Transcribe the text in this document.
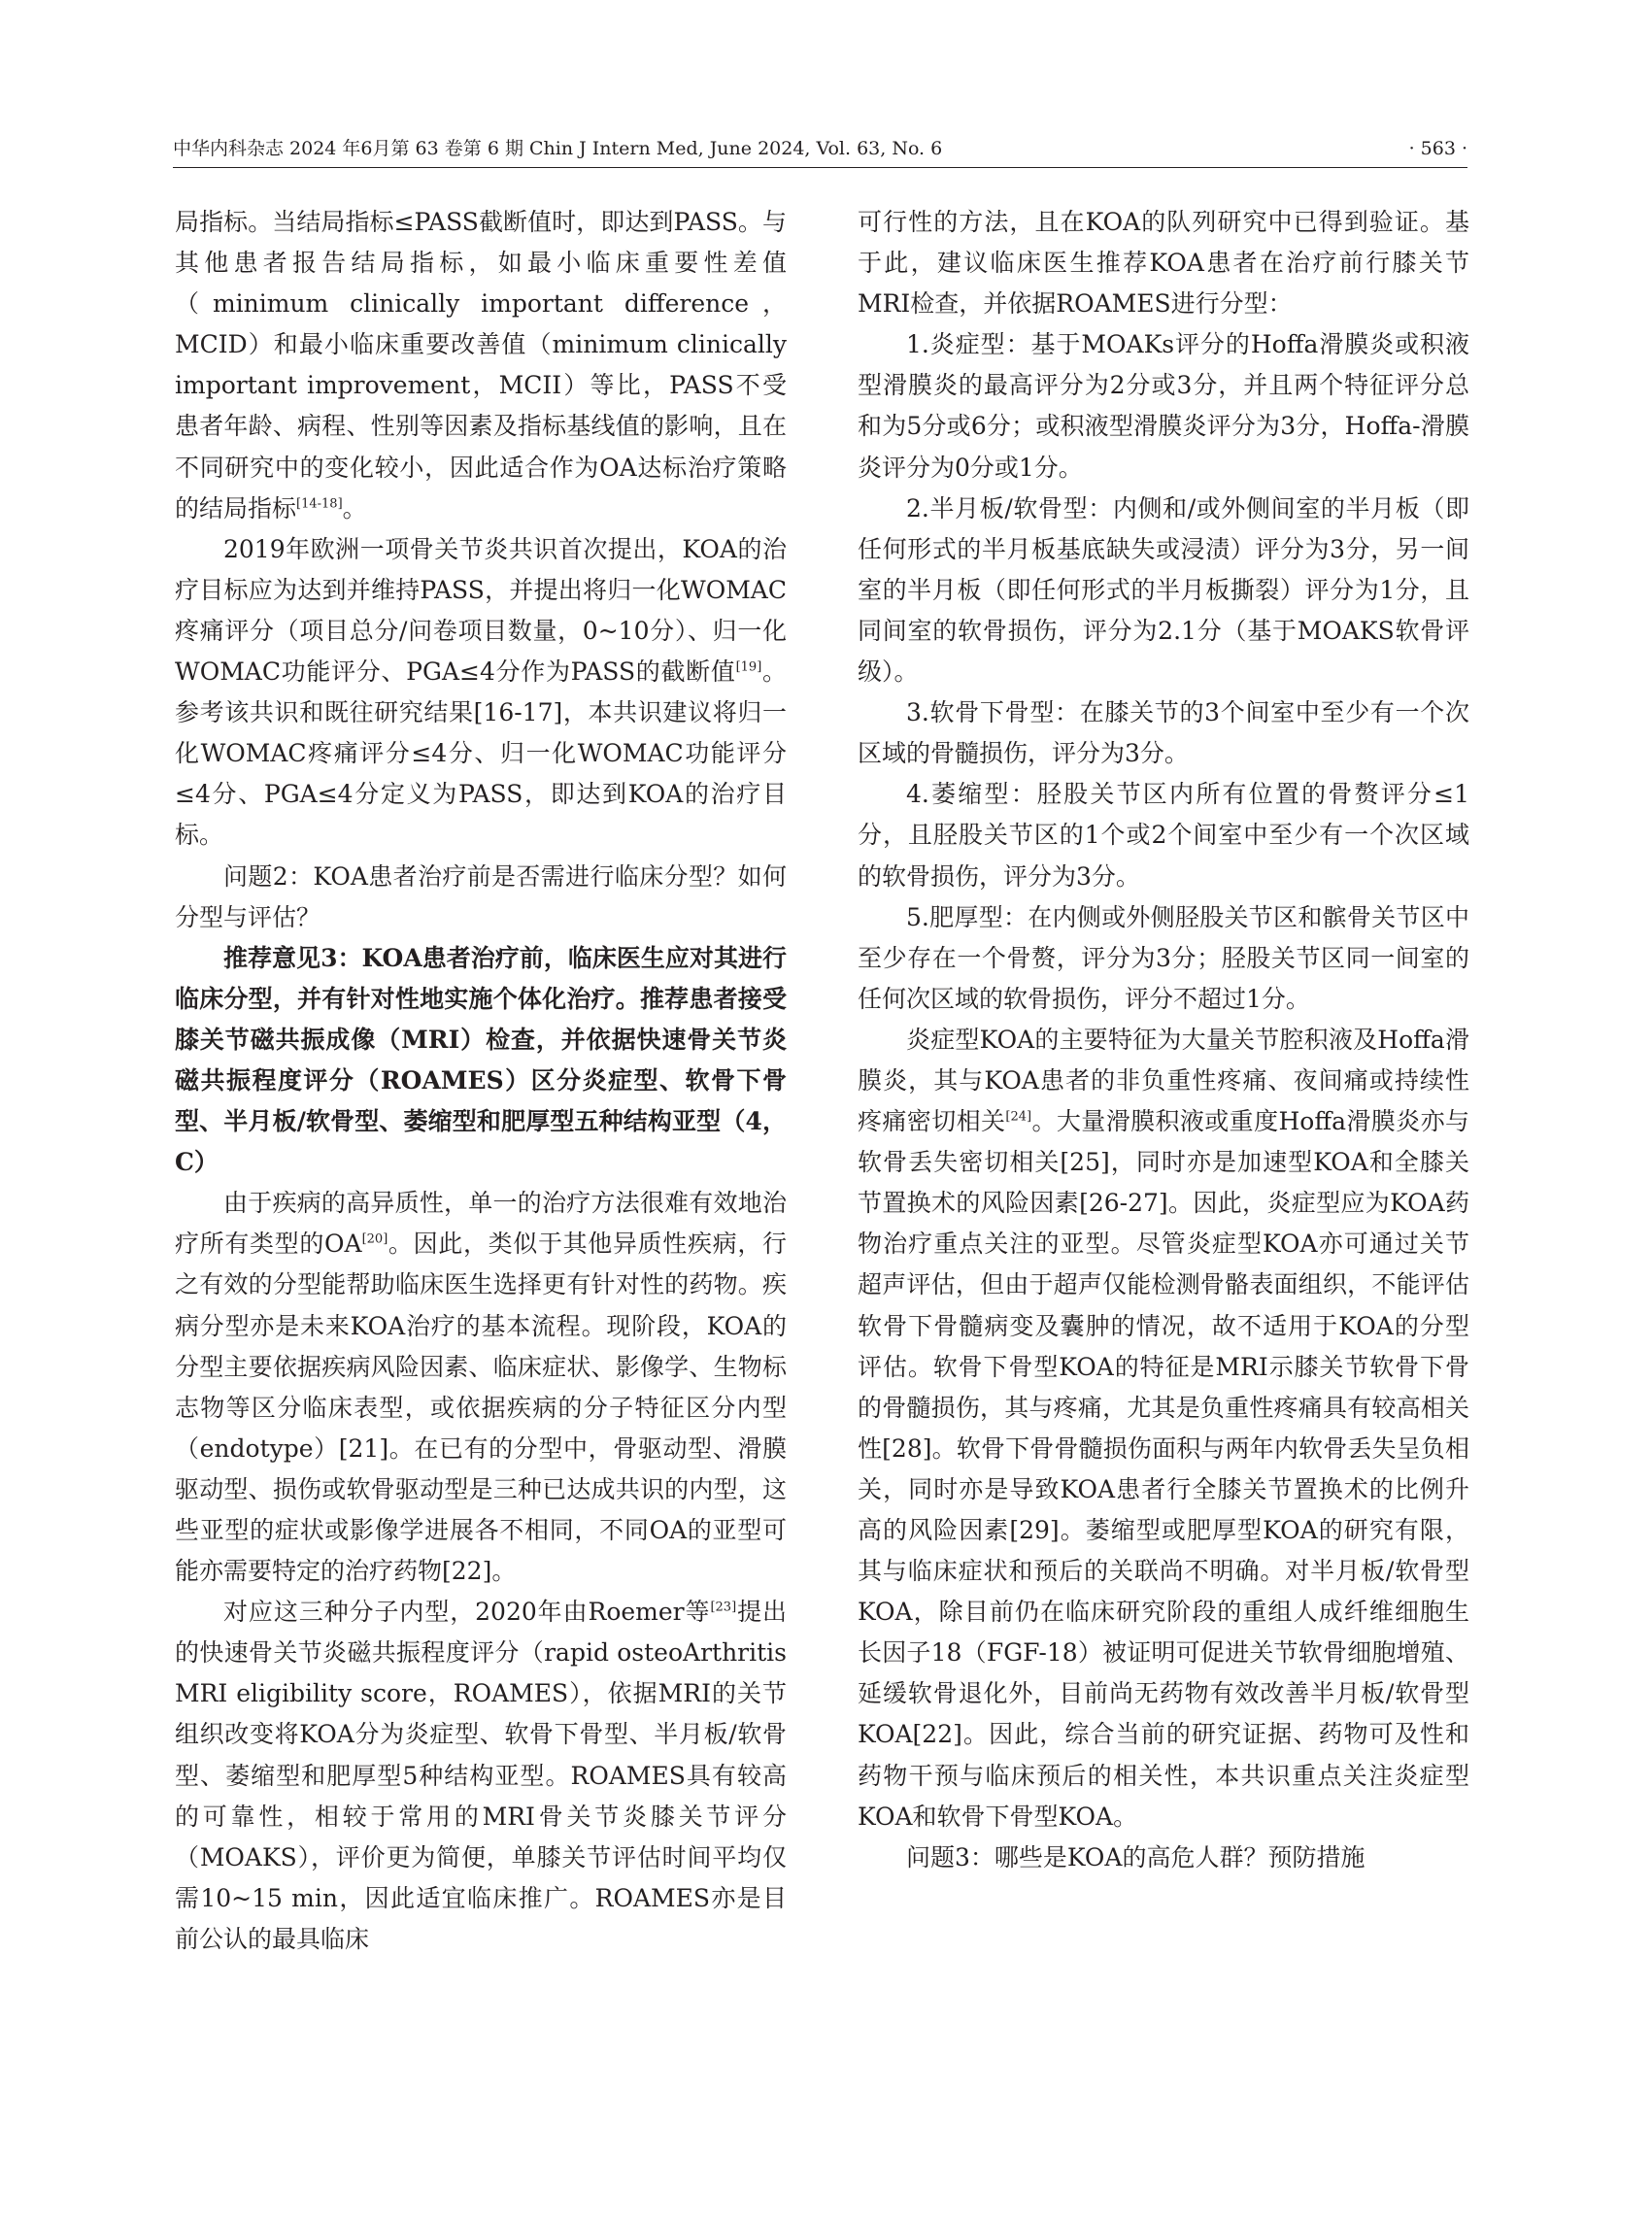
中华内科杂志 2024 年6月第 63 卷第 6 期 Chin J Intern Med, June 2024, Vol. 63, No. 6	· 563 ·

局指标。当结局指标≤PASS截断值时，即达到PASS。与其他患者报告结局指标，如最小临床重要性差值（minimum clinically important difference，MCID）和最小临床重要改善值（minimum clinically important improvement，MCII）等比，PASS不受患者年龄、病程、性别等因素及指标基线值的影响，且在不同研究中的变化较小，因此适合作为OA达标治疗策略的结局指标[14-18]。

2019年欧洲一项骨关节炎共识首次提出，KOA的治疗目标应为达到并维持PASS，并提出将归一化WOMAC疼痛评分（项目总分/问卷项目数量，0~10分）、归一化WOMAC功能评分、PGA≤4分作为PASS的截断值[19]。参考该共识和既往研究结果[16-17]，本共识建议将归一化WOMAC疼痛评分≤4分、归一化WOMAC功能评分≤4分、PGA≤4分定义为PASS，即达到KOA的治疗目标。

问题2：KOA患者治疗前是否需进行临床分型？如何分型与评估？

推荐意见3：KOA患者治疗前，临床医生应对其进行临床分型，并有针对性地实施个体化治疗。推荐患者接受膝关节磁共振成像（MRI）检查，并依据快速骨关节炎磁共振程度评分（ROAMES）区分炎症型、软骨下骨型、半月板/软骨型、萎缩型和肥厚型五种结构亚型（4，C）

由于疾病的高异质性，单一的治疗方法很难有效地治疗所有类型的OA[20]。因此，类似于其他异质性疾病，行之有效的分型能帮助临床医生选择更有针对性的药物。疾病分型亦是未来KOA治疗的基本流程。现阶段，KOA的分型主要依据疾病风险因素、临床症状、影像学、生物标志物等区分临床表型，或依据疾病的分子特征区分内型（endotype）[21]。在已有的分型中，骨驱动型、滑膜驱动型、损伤或软骨驱动型是三种已达成共识的内型，这些亚型的症状或影像学进展各不相同，不同OA的亚型可能亦需要特定的治疗药物[22]。

对应这三种分子内型，2020年由Roemer等[23]提出的快速骨关节炎磁共振程度评分（rapid osteoArthritis MRI eligibility score，ROAMES），依据MRI的关节组织改变将KOA分为炎症型、软骨下骨型、半月板/软骨型、萎缩型和肥厚型5种结构亚型。ROAMES具有较高的可靠性，相较于常用的MRI骨关节炎膝关节评分（MOAKS），评价更为简便，单膝关节评估时间平均仅需10~15 min，因此适宜临床推广。ROAMES亦是目前公认的最具临床

可行性的方法，且在KOA的队列研究中已得到验证。基于此，建议临床医生推荐KOA患者在治疗前行膝关节MRI检查，并依据ROAMES进行分型：

1.炎症型：基于MOAKs评分的Hoffa滑膜炎或积液型滑膜炎的最高评分为2分或3分，并且两个特征评分总和为5分或6分；或积液型滑膜炎评分为3分，Hoffa-滑膜炎评分为0分或1分。

2.半月板/软骨型：内侧和/或外侧间室的半月板（即任何形式的半月板基底缺失或浸渍）评分为3分，另一间室的半月板（即任何形式的半月板撕裂）评分为1分，且同间室的软骨损伤，评分为2.1分（基于MOAKS软骨评级）。

3.软骨下骨型：在膝关节的3个间室中至少有一个次区域的骨髓损伤，评分为3分。

4.萎缩型：胫股关节区内所有位置的骨赘评分≤1分，且胫股关节区的1个或2个间室中至少有一个次区域的软骨损伤，评分为3分。

5.肥厚型：在内侧或外侧胫股关节区和髌骨关节区中至少存在一个骨赘，评分为3分；胫股关节区同一间室的任何次区域的软骨损伤，评分不超过1分。

炎症型KOA的主要特征为大量关节腔积液及Hoffa滑膜炎，其与KOA患者的非负重性疼痛、夜间痛或持续性疼痛密切相关[24]。大量滑膜积液或重度Hoffa滑膜炎亦与软骨丢失密切相关[25]，同时亦是加速型KOA和全膝关节置换术的风险因素[26-27]。因此，炎症型应为KOA药物治疗重点关注的亚型。尽管炎症型KOA亦可通过关节超声评估，但由于超声仅能检测骨骼表面组织，不能评估软骨下骨髓病变及囊肿的情况，故不适用于KOA的分型评估。软骨下骨型KOA的特征是MRI示膝关节软骨下骨的骨髓损伤，其与疼痛，尤其是负重性疼痛具有较高相关性[28]。软骨下骨骨髓损伤面积与两年内软骨丢失呈负相关，同时亦是导致KOA患者行全膝关节置换术的比例升高的风险因素[29]。萎缩型或肥厚型KOA的研究有限，其与临床症状和预后的关联尚不明确。对半月板/软骨型KOA，除目前仍在临床研究阶段的重组人成纤维细胞生长因子18（FGF-18）被证明可促进关节软骨细胞增殖、延缓软骨退化外，目前尚无药物有效改善半月板/软骨型KOA[22]。因此，综合当前的研究证据、药物可及性和药物干预与临床预后的相关性，本共识重点关注炎症型KOA和软骨下骨型KOA。

问题3：哪些是KOA的高危人群？预防措施
